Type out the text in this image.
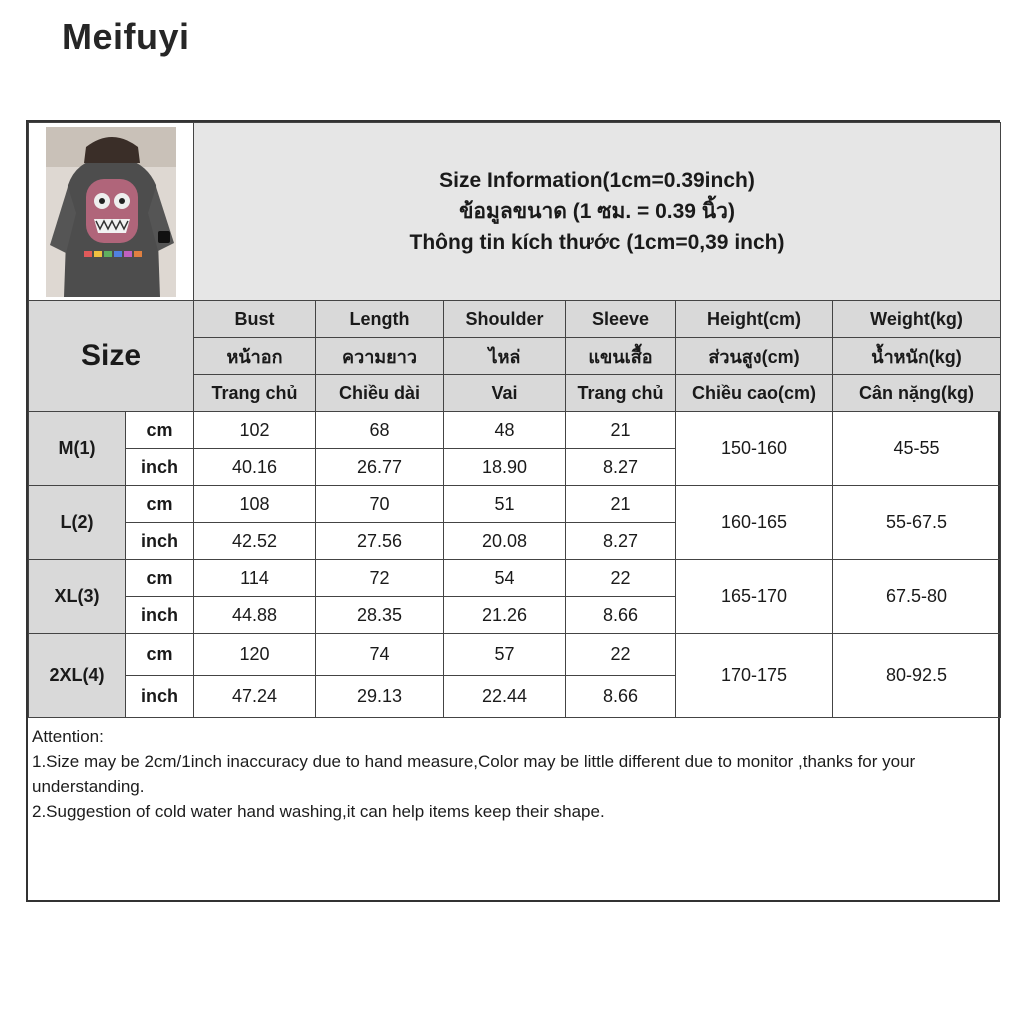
Meifuyi

Size Information(1cm=0.39inch)
ข้อมูลขนาด (1 ซม. = 0.39 นิ้ว)
Thông tin kích thước (1cm=0,39 inch)					

Size		Bust	Length	Shoulder	Sleeve	Height(cm)	Weight(kg)
		หน้าอก	ความยาว	ไหล่	แขนเสื้อ	ส่วนสูง(cm)	น้ำหนัก(kg)
		Trang chủ	Chiều dài	Vai	Trang chủ	Chiều cao(cm)	Cân nặng(kg)
M(1)	cm	102	68	48	21	150-160	45-55
	inch	40.16	26.77	18.90	8.27		
L(2)	cm	108	70	51	21	160-165	55-67.5
	inch	42.52	27.56	20.08	8.27		
XL(3)	cm	114	72	54	22	165-170	67.5-80
	inch	44.88	28.35	21.26	8.66		
2XL(4)	cm	120	74	57	22	170-175	80-92.5
	inch	47.24	29.13	22.44	8.66		
Attention:
1.Size may be 2cm/1inch inaccuracy due to hand measure,Color may be little different due to monitor ,thanks for your understanding.
2.Suggestion of cold water hand washing,it can help items keep their shape.
